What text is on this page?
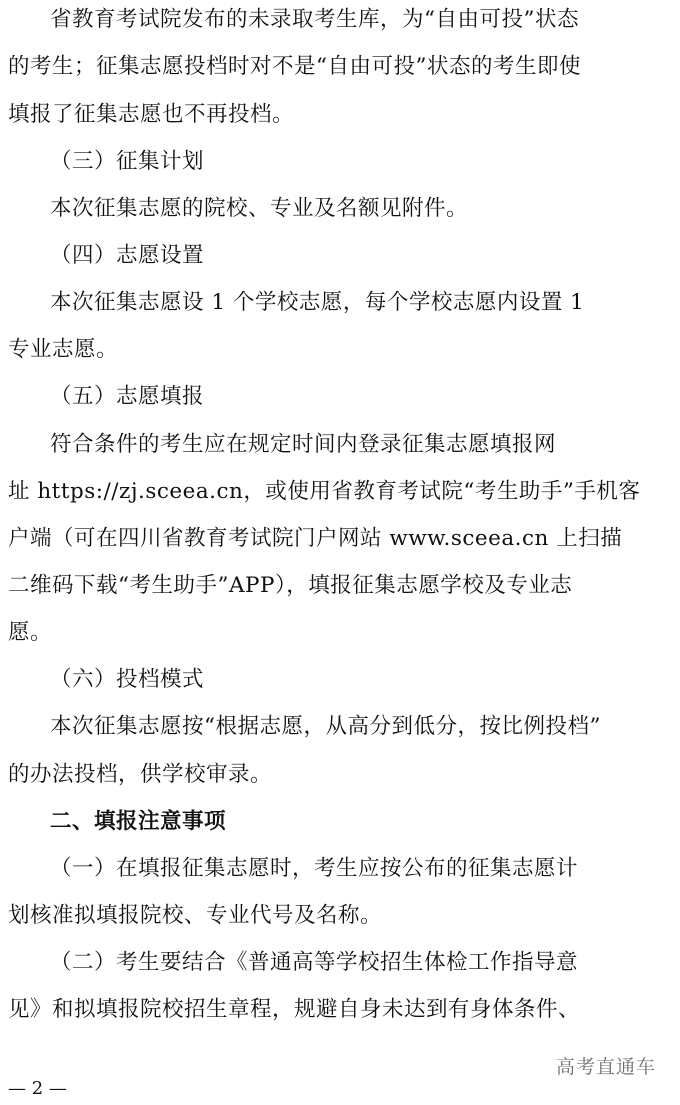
省教育考试院发布的未录取考生库，为“自由可投”状态
的考生；征集志愿投档时对不是“自由可投”状态的考生即使
填报了征集志愿也不再投档。
（三）征集计划
本次征集志愿的院校、专业及名额见附件。
（四）志愿设置
本次征集志愿设 1 个学校志愿，每个学校志愿内设置 1
专业志愿。
（五）志愿填报
符合条件的考生应在规定时间内登录征集志愿填报网
址 https://zj.sceea.cn，或使用省教育考试院“考生助手”手机客
户端（可在四川省教育考试院门户网站 www.sceea.cn 上扫描
二维码下载“考生助手”APP），填报征集志愿学校及专业志
愿。
（六）投档模式
本次征集志愿按“根据志愿，从高分到低分，按比例投档”
的办法投档，供学校审录。
二、填报注意事项
（一）在填报征集志愿时，考生应按公布的征集志愿计
划核准拟填报院校、专业代号及名称。
（二）考生要结合《普通高等学校招生体检工作指导意
见》和拟填报院校招生章程，规避自身未达到有身体条件、
高考直通车
— 2 —
